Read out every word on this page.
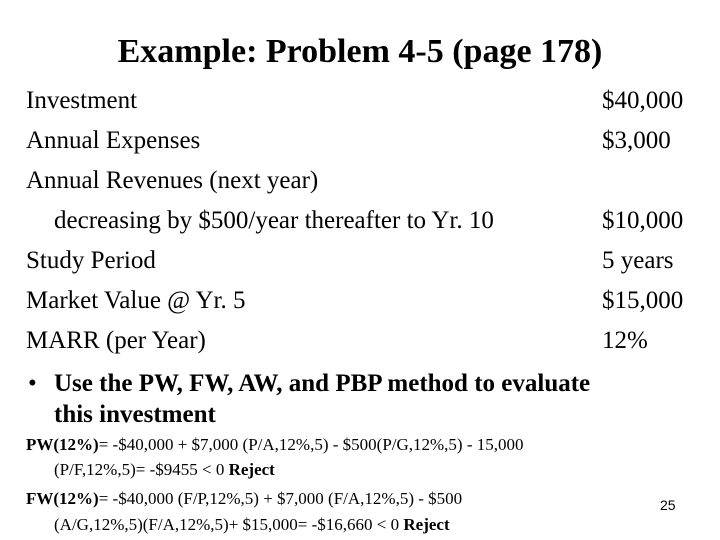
Example: Problem 4-5 (page 178)
Investment	$40,000
Annual Expenses	$3,000
Annual Revenues (next year)
decreasing by $500/year thereafter to Yr. 10	$10,000
Study Period	5 years
Market Value @ Yr. 5	$15,000
MARR (per Year)	12%
• Use the PW, FW, AW, and PBP method to evaluate
this investment
PW(12%)= -$40,000 + $7,000 (P/A,12%,5) - $500(P/G,12%,5) - 15,000
(P/F,12%,5)= -$9455 < 0 Reject
FW(12%)= -$40,000 (F/P,12%,5) + $7,000 (F/A,12%,5) - $500
(A/G,12%,5)(F/A,12%,5)+ $15,000= -$16,660 < 0 Reject
25
